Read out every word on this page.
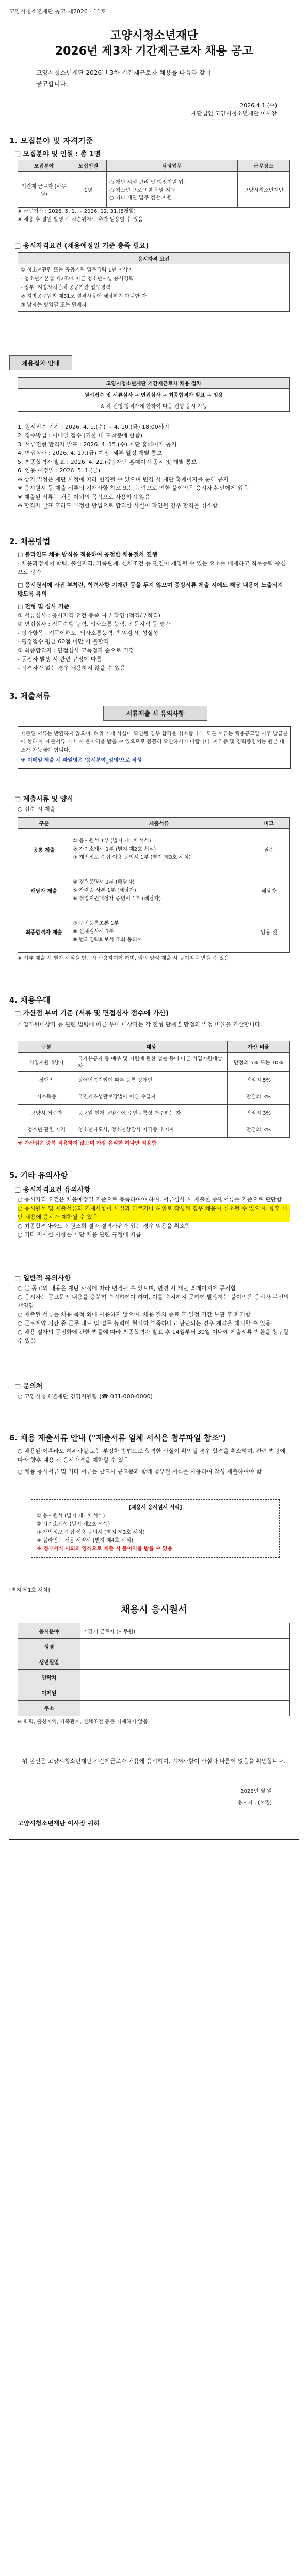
고양시청소년재단 공고 제2026 - 11호
고양시청소년재단
2026년 제3차 기간제근로자 채용 공고
고양시청소년재단 2026년 3차 기간제근로자 채용을 다음과 같이
공고합니다.
2026.4.1.(수)
재단법인 고양시청소년재단 이사장
1. 모집분야 및 자격기준
□ 모집분야 및 인원 : 총 1명
모집분야	모집인원	담당업무	근무장소
기간제 근로자 (사무원)	1명	○ 재단 시설 관리 및 행정지원 업무
○ 청소년 프로그램 운영 지원
○ 기타 재단 업무 전반 지원	고양시청소년재단
※ 근무기간 : 2026. 5. 1. ~ 2026. 12. 31.(8개월)
※ 채용 후 결원 발생 시 차순위자로 추가 임용할 수 있음
□ 응시자격요건 (채용예정일 기준 충족 필요)
응시자격 요건

① 청소년관련 또는 공공기관 업무경력 1년 이상자
- 청소년기본법 제2조에 따른 청소년시설 종사경력
- 정부, 지방자치단체 공공기관 업무경력
② 지방공무원법 제31조 결격사유에 해당하지 아니한 자
③ 남자는 병역필 또는 면제자
채용절차 안내
고양시청소년재단 기간제근로자 채용 절차
원서접수 및 서류심사 → 면접심사 → 최종합격자 발표 → 임용
※ 각 전형 합격자에 한하여 다음 전형 응시 가능
1. 원서접수 기간 : 2026. 4. 1.(수) ~ 4. 10.(금) 18:00까지
2. 접수방법 : 이메일 접수 (기한 내 도착분에 한함)
3. 서류전형 합격자 발표 : 2026. 4. 15.(수) 재단 홈페이지 공지
4. 면접심사 : 2026. 4. 17.(금) 예정, 세부 일정 개별 통보
5. 최종합격자 발표 : 2026. 4. 22.(수) 재단 홈페이지 공지 및 개별 통보
6. 임용 예정일 : 2026. 5. 1.(금)
※ 상기 일정은 재단 사정에 따라 변경될 수 있으며 변경 시 재단 홈페이지를 통해 공지
※ 응시원서 등 제출 서류의 기재사항 착오 또는 누락으로 인한 불이익은 응시자 본인에게 있음
※ 제출된 서류는 채용 이외의 목적으로 사용하지 않음
※ 합격자 발표 후라도 부정한 방법으로 합격한 사실이 확인될 경우 합격을 취소함
2. 채용방법
□ 블라인드 채용 방식을 적용하여 공정한 채용절차 진행
- 채용과정에서 학력, 출신지역, 가족관계, 신체조건 등 편견이 개입될 수 있는 요소를 배제하고 직무능력 중심으로 평가
□ 응시원서에 사진 부착란, 학력사항 기재란 등을 두지 않으며 증빙서류 제출 시에도 해당 내용이 노출되지 않도록 유의
□ 전형 및 심사 기준
① 서류심사 : 응시자격 요건 충족 여부 확인 (적격/부적격)
② 면접심사 : 직무수행 능력, 의사소통 능력, 전문지식 등 평가
- 평가항목 : 직무이해도, 의사소통능력, 책임감 및 성실성
- 평정점수 평균 60점 미만 시 불합격
③ 최종합격자 : 면접심사 고득점자 순으로 결정
- 동점자 발생 시 관련 규정에 따름
- 적격자가 없는 경우 채용하지 않을 수 있음
3. 제출서류
서류제출 시 유의사항
제출된 서류는 반환하지 않으며, 허위 기재 사실이 확인될 경우 합격을 취소합니다. 모든 서류는 채용공고일 이후 발급분에 한하며, 제출서류 미비 시 불이익을 받을 수 있으므로 꼼꼼히 확인하시기 바랍니다. 자격증 및 경력증명서는 원본 대조가 가능해야 합니다.
※ 이메일 제출 시 파일명은 '응시분야_성명'으로 작성
□ 제출서류 및 양식
○ 접수 시 제출
구분	제출서류	비고
공통 제출	① 응시원서 1부 (별지 제1호 서식)
② 자기소개서 1부 (별지 제2호 서식)
③ 개인정보 수집·이용 동의서 1부 (별지 제3호 서식)	필수
해당자 제출	④ 경력증명서 1부 (해당자)
⑤ 자격증 사본 1부 (해당자)
⑥ 취업지원대상자 증명서 1부 (해당자)	해당자
최종합격자 제출	⑦ 주민등록초본 1부
⑧ 신체검사서 1부
⑨ 범죄경력회보서 조회 동의서	임용 전
※ 서류 제출 시 별지 서식을 반드시 사용하여야 하며, 임의 양식 제출 시 불이익을 받을 수 있음
4. 채용우대
□ 가산점 부여 기준 (서류 및 면접심사 점수에 가산)
취업지원대상자 등 관련 법령에 따른 우대 대상자는 각 전형 단계별 만점의 일정 비율을 가산합니다.
구분	대상	가산 비율
취업지원대상자	국가유공자 등 예우 및 지원에 관한 법률 등에 따른 취업지원대상자	만점의 5% 또는 10%
장애인	장애인복지법에 따른 등록 장애인	만점의 5%
저소득층	국민기초생활보장법에 따른 수급자	만점의 3%
고양시 거주자	공고일 현재 고양시에 주민등록상 거주하는 자	만점의 3%
청소년 관련 자격	청소년지도사, 청소년상담사 자격증 소지자	만점의 3%
※ 가산점은 중복 적용하지 않으며 가장 유리한 하나만 적용함
5. 기타 유의사항
□ 응시자격요건 유의사항
○ 응시자격 요건은 채용예정일 기준으로 충족하여야 하며, 서류심사 시 제출한 증빙서류를 기준으로 판단함
○ 응시원서 및 제출서류의 기재사항이 사실과 다르거나 허위로 작성된 경우 채용이 취소될 수 있으며, 향후 재단 채용에 응시가 제한될 수 있음
○ 최종합격자라도 신원조회 결과 결격사유가 있는 경우 임용을 취소함
○ 기타 자세한 사항은 재단 채용 관련 규정에 따름
□ 일반적 유의사항
○ 본 공고의 내용은 재단 사정에 따라 변경될 수 있으며, 변경 시 재단 홈페이지에 공지함
○ 응시자는 공고문의 내용을 충분히 숙지하여야 하며, 이를 숙지하지 못하여 발생하는 불이익은 응시자 본인의 책임임
○ 제출된 서류는 채용 목적 외에 사용하지 않으며, 채용 절차 종료 후 일정 기간 보관 후 파기함
○ 근로계약 기간 중 근무 태도 및 업무 능력이 현저히 부족하다고 판단되는 경우 계약을 해지할 수 있음
○ 채용 절차의 공정화에 관한 법률에 따라 최종합격자 발표 후 14일부터 30일 이내에 제출서류 반환을 청구할 수 있음
□ 문의처
○ 고양시청소년재단 경영지원팀 (☎ 031-000-0000)
6. 채용 제출서류 안내 ("제출서류 일체 서식은 첨부파일 참조")
○ 채용된 이후라도 허위사실 또는 부정한 방법으로 합격한 사실이 확인될 경우 합격을 취소하며, 관련 법령에 따라 향후 채용 시 응시자격을 제한할 수 있음
○ 채용 응시서류 및 기타 서류는 반드시 공고문과 함께 첨부된 서식을 사용하여 작성 제출하여야 함
[채용시 응시원서 서식]
① 응시원서 (별지 제1호 서식)
② 자기소개서 (별지 제2호 서식)
③ 개인정보 수집·이용 동의서 (별지 제3호 서식)
④ 블라인드 채용 서약서 (별지 제4호 서식)
※ 첨부서식 이외의 양식으로 제출 시 불이익을 받을 수 있음
[별지 제1호 서식]
채용시 응시원서
응시분야	기간제 근로자 (사무원)
성명	
생년월일	
연락처	
이메일	
주소	
※ 학력, 출신지역, 가족관계, 신체조건 등은 기재하지 않음
위 본인은 고양시청소년재단 기간제근로자 채용에 응시하며, 기재사항이 사실과 다름이 없음을 확인합니다.
2026년 월 일
응시자 : (서명)
고양시청소년재단 이사장 귀하
